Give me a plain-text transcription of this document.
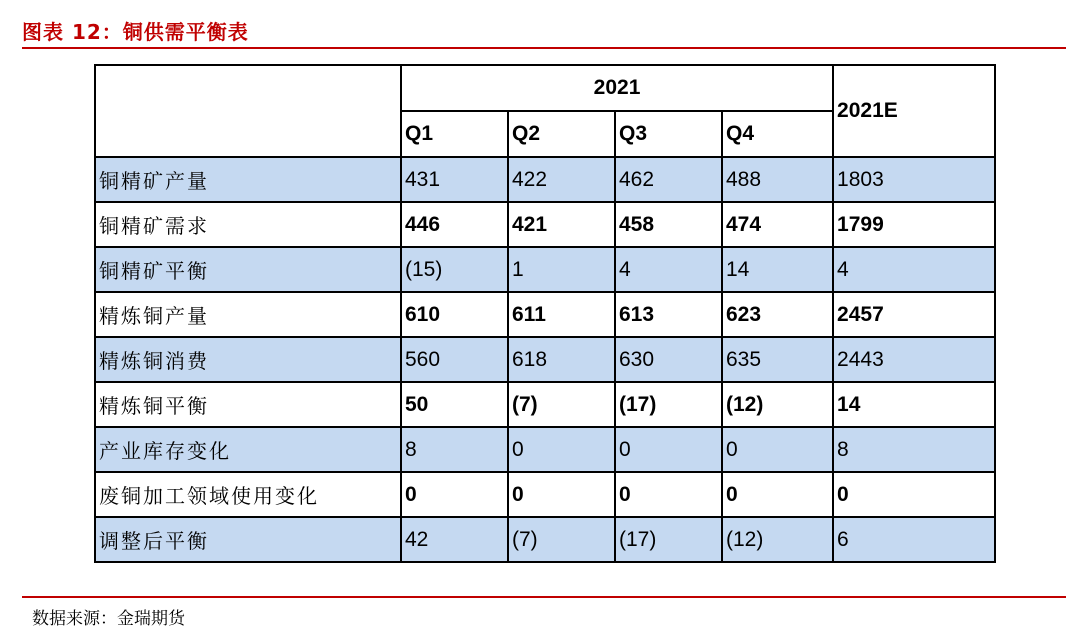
图表 12：铜供需平衡表
	2021				2021E
	Q1	Q2	Q3	Q4	
铜精矿产量	431	422	462	488	1803
铜精矿需求	446	421	458	474	1799
铜精矿平衡	(15)	1	4	14	4
精炼铜产量	610	611	613	623	2457
精炼铜消费	560	618	630	635	2443
精炼铜平衡	50	(7)	(17)	(12)	14
产业库存变化	8	0	0	0	8
废铜加工领域使用变化	0	0	0	0	0
调整后平衡	42	(7)	(17)	(12)	6
数据来源：金瑞期货
